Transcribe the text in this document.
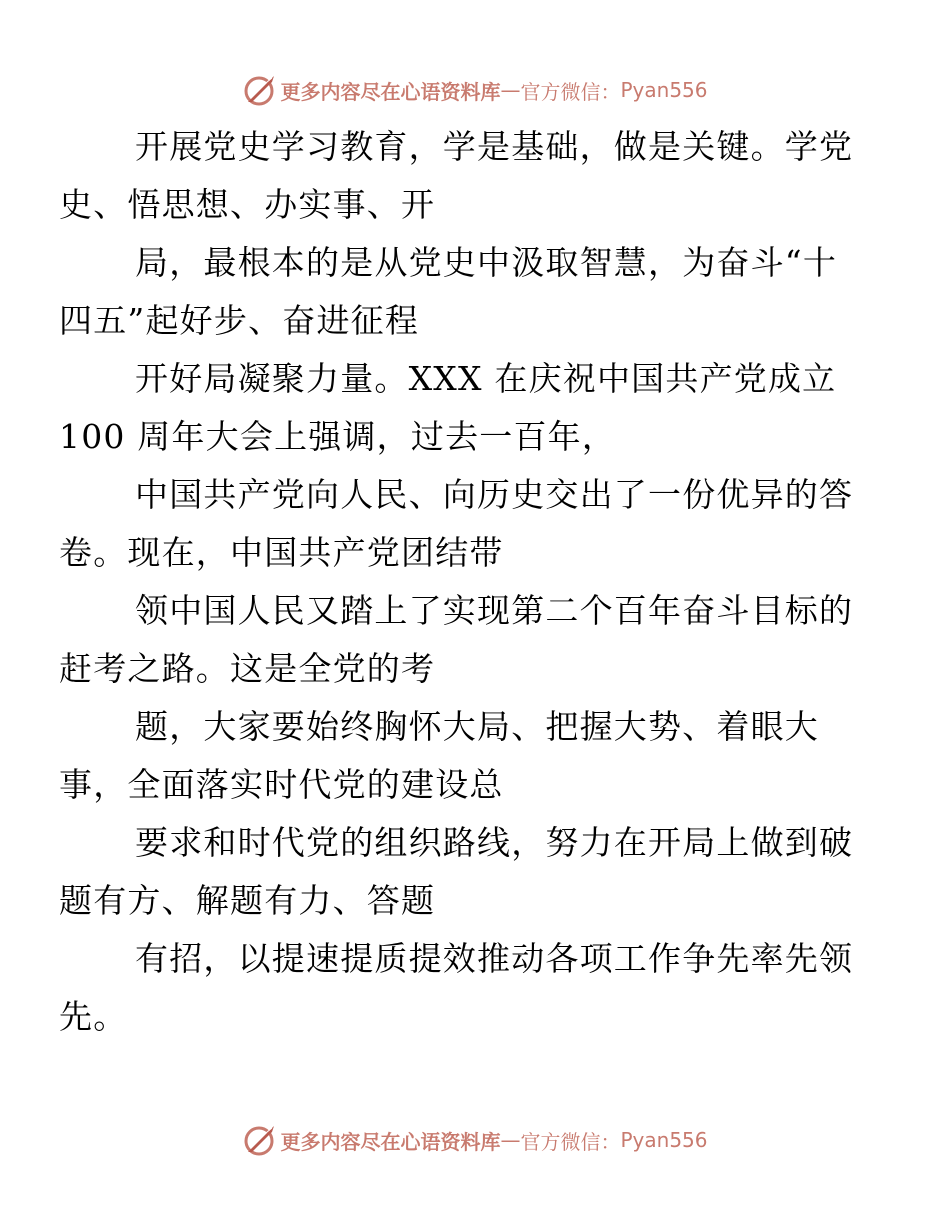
更多内容尽在心语资料库 — 官方微信： Pyan556

开展党史学习教育，学是基础，做是关键。学党
史、悟思想、办实事、开

局，最根本的是从党史中汲取智慧，为奋斗“十
四五”起好步、奋进征程

开好局凝聚力量。XXX 在庆祝中国共产党成立
100 周年大会上强调，过去一百年，

中国共产党向人民、向历史交出了一份优异的答
卷。现在，中国共产党团结带

领中国人民又踏上了实现第二个百年奋斗目标的
赶考之路。这是全党的考

题，大家要始终胸怀大局、把握大势、着眼大
事，全面落实时代党的建设总

要求和时代党的组织路线，努力在开局上做到破
题有方、解题有力、答题

有招，以提速提质提效推动各项工作争先率先领
先。

更多内容尽在心语资料库 — 官方微信： Pyan556
